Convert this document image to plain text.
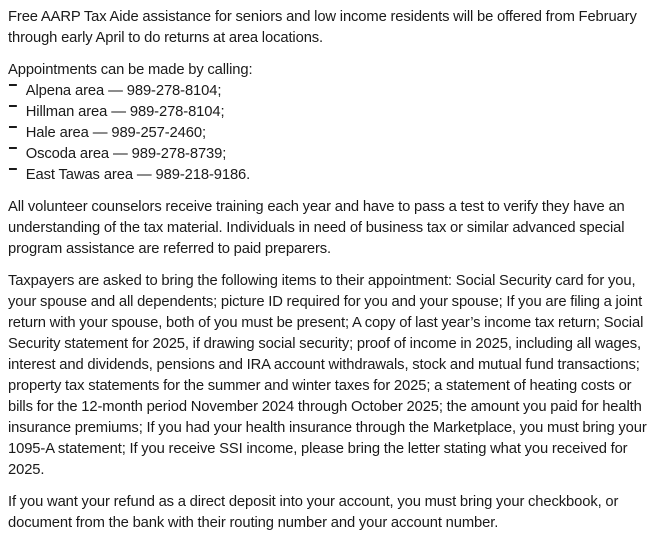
Free AARP Tax Aide assistance for seniors and low income residents will be offered from February through early April to do returns at area locations.

Appointments can be made by calling:

Alpena area — 989-278-8104;
Hillman area — 989-278-8104;
Hale area — 989-257-2460;
Oscoda area — 989-278-8739;
East Tawas area — 989-218-9186.

All volunteer counselors receive training each year and have to pass a test to verify they have an understanding of the tax material. Individuals in need of business tax or similar advanced special program assistance are referred to paid preparers.

Taxpayers are asked to bring the following items to their appointment: Social Security card for you, your spouse and all dependents; picture ID required for you and your spouse; If you are filing a joint return with your spouse, both of you must be present; A copy of last year’s income tax return; Social Security statement for 2025, if drawing social security; proof of income in 2025, including all wages, interest and dividends, pensions and IRA account withdrawals, stock and mutual fund transactions; property tax statements for the summer and winter taxes for 2025; a statement of heating costs or bills for the 12-month period November 2024 through October 2025; the amount you paid for health insurance premiums; If you had your health insurance through the Marketplace, you must bring your 1095-A statement; If you receive SSI income, please bring the letter stating what you received for 2025.

If you want your refund as a direct deposit into your account, you must bring your checkbook, or document from the bank with their routing number and your account number.
